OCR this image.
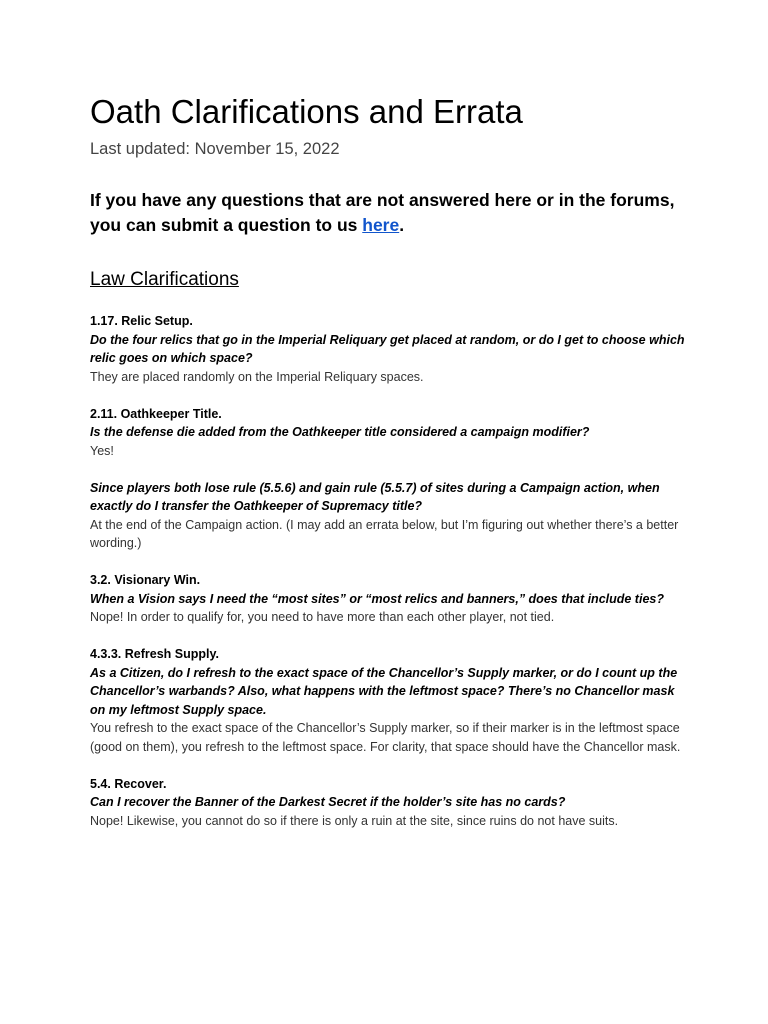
Oath Clarifications and Errata

Last updated: November 15, 2022

If you have any questions that are not answered here or in the forums, you can submit a question to us here.

Law Clarifications

1.17. Relic Setup.

Do the four relics that go in the Imperial Reliquary get placed at random, or do I get to choose which relic goes on which space?

They are placed randomly on the Imperial Reliquary spaces.

2.11. Oathkeeper Title.

Is the defense die added from the Oathkeeper title considered a campaign modifier?

Yes!

Since players both lose rule (5.5.6) and gain rule (5.5.7) of sites during a Campaign action, when exactly do I transfer the Oathkeeper of Supremacy title?

At the end of the Campaign action. (I may add an errata below, but I’m figuring out whether there’s a better wording.)

3.2. Visionary Win.

When a Vision says I need the “most sites” or “most relics and banners,” does that include ties?

Nope! In order to qualify for, you need to have more than each other player, not tied.

4.3.3. Refresh Supply.

As a Citizen, do I refresh to the exact space of the Chancellor’s Supply marker, or do I count up the Chancellor’s warbands? Also, what happens with the leftmost space? There’s no Chancellor mask on my leftmost Supply space.

You refresh to the exact space of the Chancellor’s Supply marker, so if their marker is in the leftmost space (good on them), you refresh to the leftmost space. For clarity, that space should have the Chancellor mask.

5.4. Recover.

Can I recover the Banner of the Darkest Secret if the holder’s site has no cards?

Nope! Likewise, you cannot do so if there is only a ruin at the site, since ruins do not have suits.
